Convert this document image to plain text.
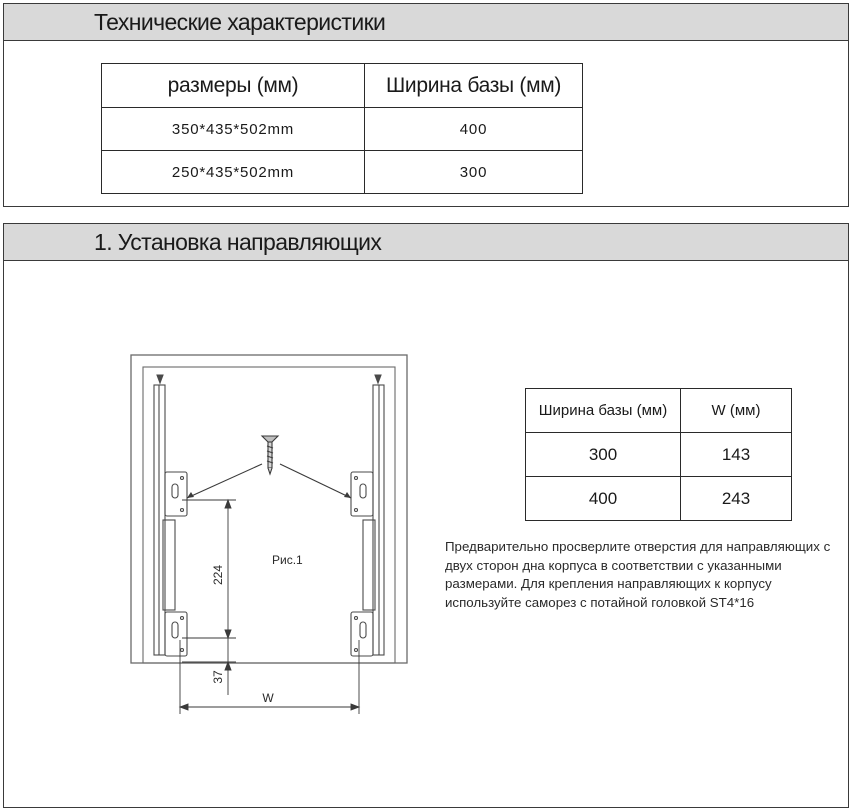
Технические характеристики
размеры (мм)	Ширина базы (мм)
350*435*502mm	400
250*435*502mm	300
1. Установка направляющих
Рис.1
224
37
W
Ширина базы (мм)	W (мм)
300	143
400	243

Предварительно просверлите отверстия для направляющих с двух сторон дна корпуса в соответствии с указанными размерами. Для крепления направляющих к корпусу используйте саморез с потайной головкой ST4*16
